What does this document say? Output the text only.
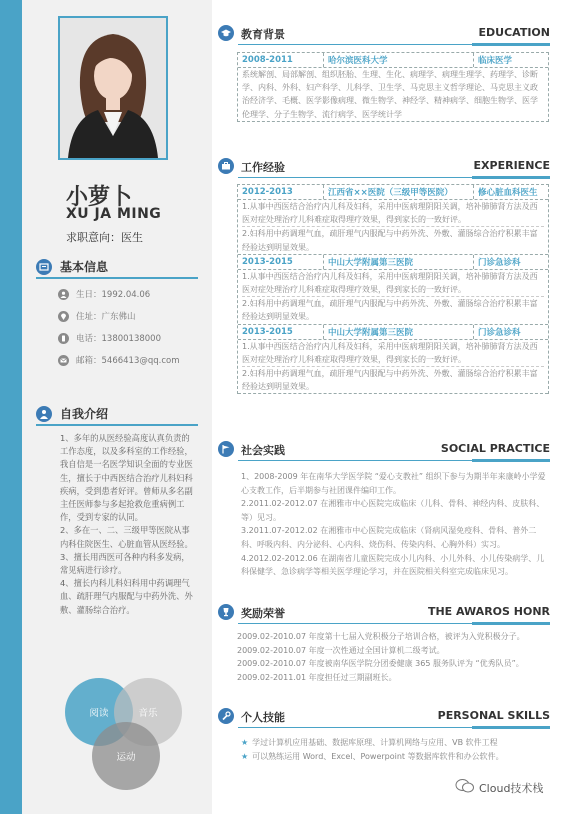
小萝卜
XU JA MING
求职意向：医生
基本信息
生日：1992.04.06
住址：广东佛山
电话：13800138000
邮箱：5466413@qq.com
自我介绍

1、多年的从医经验高度认真负责的工作态度，以及多科室的工作经验，我自信是一名医学知识全面的专业医生，擅长于中西医结合治疗儿科妇科疾病，受到患者好评。曾师从多名副主任医师参与多起抢救危重病例工作，受到专家的认同。

2、多在一、二、三级甲等医院从事内科住院医生、心脏血管从医经验。

3、擅长用西医可各种内科多发病，常见病进行诊疗。

4、擅长内科儿科妇科用中药调理气血、疏肝理气内服配与中药外洗、外敷、灌肠综合治疗。

阅读	音乐
运动
教育背景	EDUCATION
2008-2011	哈尔滨医科大学	临床医学

系统解剖、局部解剖、组织胚胎、生理、生化、病理学、病理生理学、药理学、诊断学、内科、外科、妇产科学、儿科学、卫生学、马克思主义哲学理论、马克思主义政治经济学、毛概、医学影像病理、微生物学、神经学、精神病学、细胞生物学、医学伦理学、分子生物学、流行病学、医学统计学

工作经验	EXPERIENCE
2012-2013	江西省××医院（三级甲等医院）	修心脏血科医生

1.从事中西医结合治疗内儿科及妇科，采用中医病理阴阳关调，培补肺肺肾方法及西医对症处理治疗儿科难症取得理疗效果，得到家长的一致好评。

2.妇科用中药调理气血，疏肝理气内服配与中药外洗、外敷、灌肠综合治疗积累丰富经验达到明显效果。

2013-2015	中山大学附属第三医院	门诊急诊科

1.从事中西医结合治疗内儿科及妇科，采用中医病理阴阳关调，培补肺肺肾方法及西医对症处理治疗儿科难症取得理疗效果，得到家长的一致好评。

2.妇科用中药调理气血，疏肝理气内服配与中药外洗、外敷、灌肠综合治疗积累丰富经验达到明显效果。

2013-2015	中山大学附属第三医院	门诊急诊科

1.从事中西医结合治疗内儿科及妇科，采用中医病理阴阳关调，培补肺肺肾方法及西医对症处理治疗儿科难症取得理疗效果，得到家长的一致好评。

2.妇科用中药调理气血，疏肝理气内服配与中药外洗、外敷、灌肠综合治疗积累丰富经验达到明显效果。

社会实践	SOCIAL PRACTICE

1、2008-2009 年在南华大学医学院 “爱心支教社” 组织下参与为期半年来康岭小学爱心支教工作，后半期参与社团课件编印工作。

2.2011.02-2012.07 在湘雅市中心医院完成临床（儿科、骨科、神经内科、皮肤科、等）见习。

3.2011.07-2012.02 在湘雅市中心医院完成临床（肾病风湿免疫科、骨科、普外二科、呼吸内科、内分泌科、心内科、烧伤科、传染内科、心胸外科）实习。

4.2012.02-2012.06 在湖南省儿童医院完成小儿内科、小儿外科、小儿传染病学、儿科保健学、急诊病学等相关医学理论学习，并在医院相关科室完成临床见习。

奖励荣誉	THE AWAROS HONR

2009.02-2010.07 年度第十七届入党积极分子培训合格，被评为入党积极分子。

2009.02-2010.07 年度一次性通过全国计算机二级考试。

2009.02-2010.07 年度被南华医学院分团委健康 365 服务队评为 “优秀队员”。

2009.02-2011.01 年度担任过三期副班长。

个人技能	PERSONAL SKILLS

★ 学过计算机应用基础、数据库原理、计算机网络与应用、VB 软件工程

★ 可以熟练运用 Word、Excel、Powerpoint 等数据库软件和办公软件。

Cloud技术栈
